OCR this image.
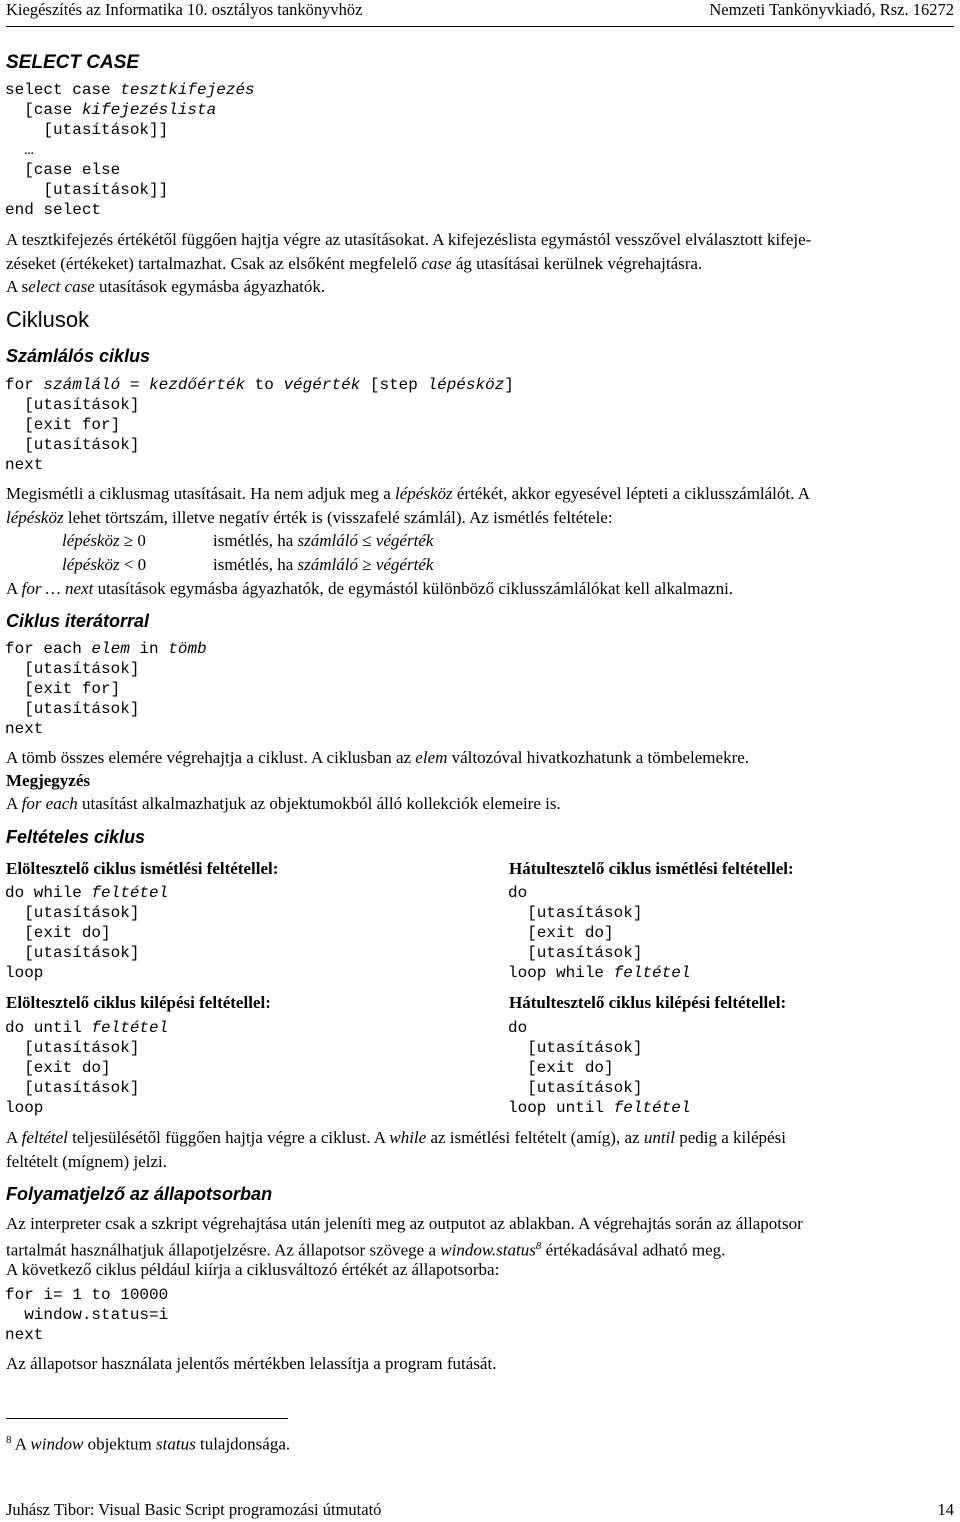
Kiegészítés az Informatika 10. osztályos tankönyvhöz	Nemzeti Tankönyvkiadó, Rsz. 16272
SELECT CASE
select case tesztkifejezés
[case kifejezéslista
[utasítások]]
…
[case else
[utasítások]]
end select
A tesztkifejezés értékétől függően hajtja végre az utasításokat. A kifejezéslista egymástól vesszővel elválasztott kifeje-
zéseket (értékeket) tartalmazhat. Csak az elsőként megfelelő case ág utasításai kerülnek végrehajtásra.
A select case utasítások egymásba ágyazhatók.
Ciklusok
Számlálós ciklus
for számláló = kezdőérték to végérték [step lépésköz]
[utasítások]
[exit for]
[utasítások]
next
Megismétli a ciklusmag utasításait. Ha nem adjuk meg a lépésköz értékét, akkor egyesével lépteti a ciklusszámlálót. A
lépésköz lehet törtszám, illetve negatív érték is (visszafelé számlál). Az ismétlés feltétele:
lépésköz ≥ 0	ismétlés, ha számláló ≤ végérték
lépésköz < 0	ismétlés, ha számláló ≥ végérték
A for … next utasítások egymásba ágyazhatók, de egymástól különböző ciklusszámlálókat kell alkalmazni.
Ciklus iterátorral
for each elem in tömb
[utasítások]
[exit for]
[utasítások]
next
A tömb összes elemére végrehajtja a ciklust. A ciklusban az elem változóval hivatkozhatunk a tömbelemekre.
Megjegyzés
A for each utasítást alkalmazhatjuk az objektumokból álló kollekciók elemeire is.
Feltételes ciklus
Elöltesztelő ciklus ismétlési feltétellel:
do while feltétel
[utasítások]
[exit do]
[utasítások]
loop
Hátultesztelő ciklus ismétlési feltétellel:
do
[utasítások]
[exit do]
[utasítások]
loop while feltétel
Elöltesztelő ciklus kilépési feltétellel:
do until feltétel
[utasítások]
[exit do]
[utasítások]
loop
Hátultesztelő ciklus kilépési feltétellel:
do
[utasítások]
[exit do]
[utasítások]
loop until feltétel
A feltétel teljesülésétől függően hajtja végre a ciklust. A while az ismétlési feltételt (amíg), az until pedig a kilépési
feltételt (mígnem) jelzi.
Folyamatjelző az állapotsorban
Az interpreter csak a szkript végrehajtása után jeleníti meg az outputot az ablakban. A végrehajtás során az állapotsor
tartalmát használhatjuk állapotjelzésre. Az állapotsor szövege a window.status$^8$ értékadásával adható meg.
A következő ciklus például kiírja a ciklusváltozó értékét az állapotsorba:
for i= 1 to 10000
window.status=i
next
Az állapotsor használata jelentős mértékben lelassítja a program futását.
$^8$ A window objektum status tulajdonsága.
Juhász Tibor: Visual Basic Script programozási útmutató	14
